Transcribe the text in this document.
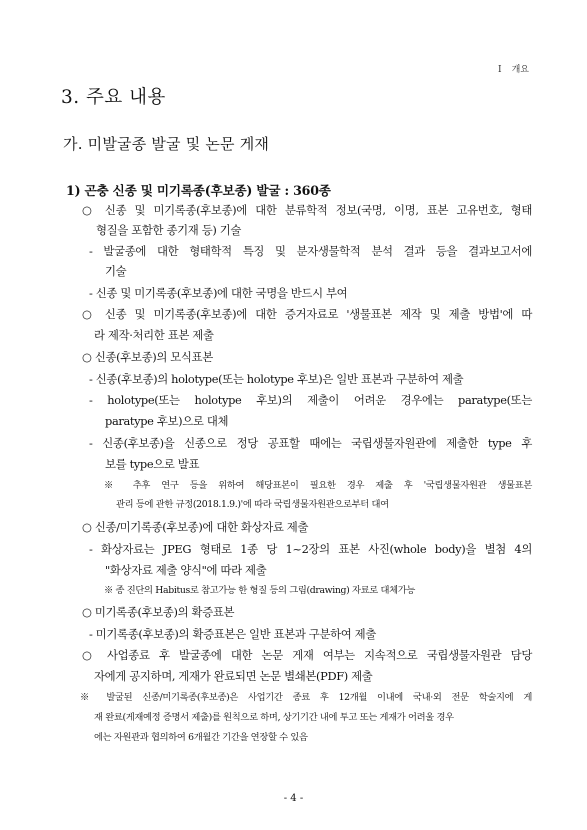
Ⅰ 개요
3. 주요 내용
가. 미발굴종 발굴 및 논문 게재
1) 곤충 신종 및 미기록종(후보종) 발굴 : 360종
○ 신종 및 미기록종(후보종)에 대한 분류학적 정보(국명, 이명, 표본 고유번호, 형태
형질을 포함한 종기재 등) 기술
- 발굴종에 대한 형태학적 특징 및 분자생물학적 분석 결과 등을 결과보고서에
기술
- 신종 및 미기록종(후보종)에 대한 국명을 반드시 부여
○ 신종 및 미기록종(후보종)에 대한 증거자료로 '생물표본 제작 및 제출 방법'에 따
라 제작·처리한 표본 제출
○ 신종(후보종)의 모식표본
- 신종(후보종)의 holotype(또는 holotype 후보)은 일반 표본과 구분하여 제출
- holotype(또는 holotype 후보)의 제출이 어려운 경우에는 paratype(또는
paratype 후보)으로 대체
- 신종(후보종)을 신종으로 정당 공표할 때에는 국립생물자원관에 제출한 type 후
보를 type으로 발표
※ 추후 연구 등을 위하여 해당표본이 필요한 경우 제출 후 '국립생물자원관 생물표본
관리 등에 관한 규정(2018.1.9.)'에 따라 국립생물자원관으로부터 대여
○ 신종/미기록종(후보종)에 대한 화상자료 제출
- 화상자료는 JPEG 형태로 1종 당 1~2장의 표본 사진(whole body)을 별첨 4의
"화상자료 제출 양식"에 따라 제출
※ 종 진단의 Habitus로 참고가능 한 형질 등의 그림(drawing) 자료로 대체가능
○ 미기록종(후보종)의 확증표본
- 미기록종(후보종)의 확증표본은 일반 표본과 구분하여 제출
○ 사업종료 후 발굴종에 대한 논문 게재 여부는 지속적으로 국립생물자원관 담당
자에게 공지하며, 게재가 완료되면 논문 별쇄본(PDF) 제출
※ 발굴된 신종/미기록종(후보종)은 사업기간 종료 후 12개월 이내에 국내·외 전문 학술지에 게
재 완료(게재예정 증명서 제출)를 원칙으로 하며, 상기기간 내에 투고 또는 게재가 어려울 경우
에는 자원관과 협의하여 6개월간 기간을 연장할 수 있음
- 4 -
